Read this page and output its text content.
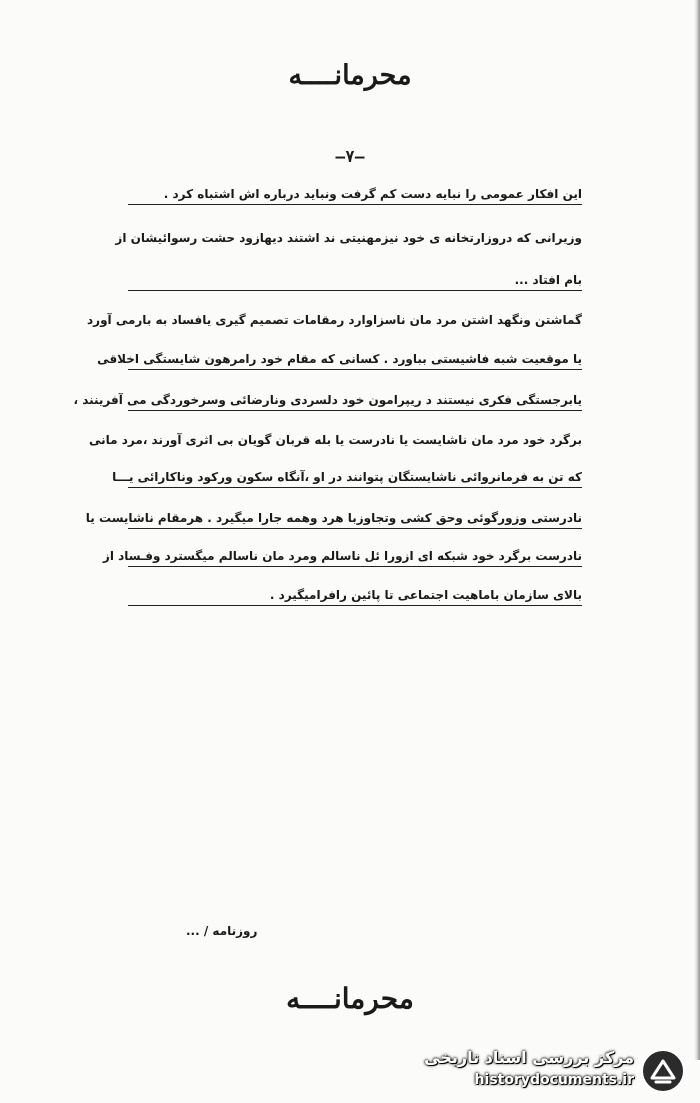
محرمانــــه
—٧—
این افکار عمومی را نبایه دست کم گرفت ونباید درباره اش اشتباه کرد .
وزیرانی که دروزارتخانه ی خود نیزمهنیتی ند اشتند دیهازود حشت رسوائیشان از
بام افتاد ...
گماشتن ونگهد اشتن مرد مان ناسزاوارد رمقامات تصمیم گیری یافساد به بارمی آورد
یا موقعیت شبه فاشیستی بباورد . کسانی که مقام خود رامرهون شایستگی اخلاقی
یابرجستگی فکری نیستند د ریپرامون خود دلسردی ونارضائی وسرخوردگی می آفرینند ،
برگرد خود مرد مان ناشایست یا نادرست یا بله قربان گویان بی اثری آورند ،مرد مانی
که تن به فرمانروائی ناشایستگان پتوانند در او ،آنگاه سکون ورکود وناکارائی یـــا
نادرستی وزورگوئی وحق کشی وتجاوزبا هرد وهمه جارا میگیرد . هرمقام ناشایست یا
نادرست برگرد خود شبکه ای ازورا ئل ناسالم ومرد مان ناسالم میگسترد وفـساد از
بالای سازمان باماهیت اجتماعی تا پائین رافرامیگیرد .
روزنامه / ...
محرمانــــه
مرکز بررسی اسناد تاریخی
historydocuments.ir
